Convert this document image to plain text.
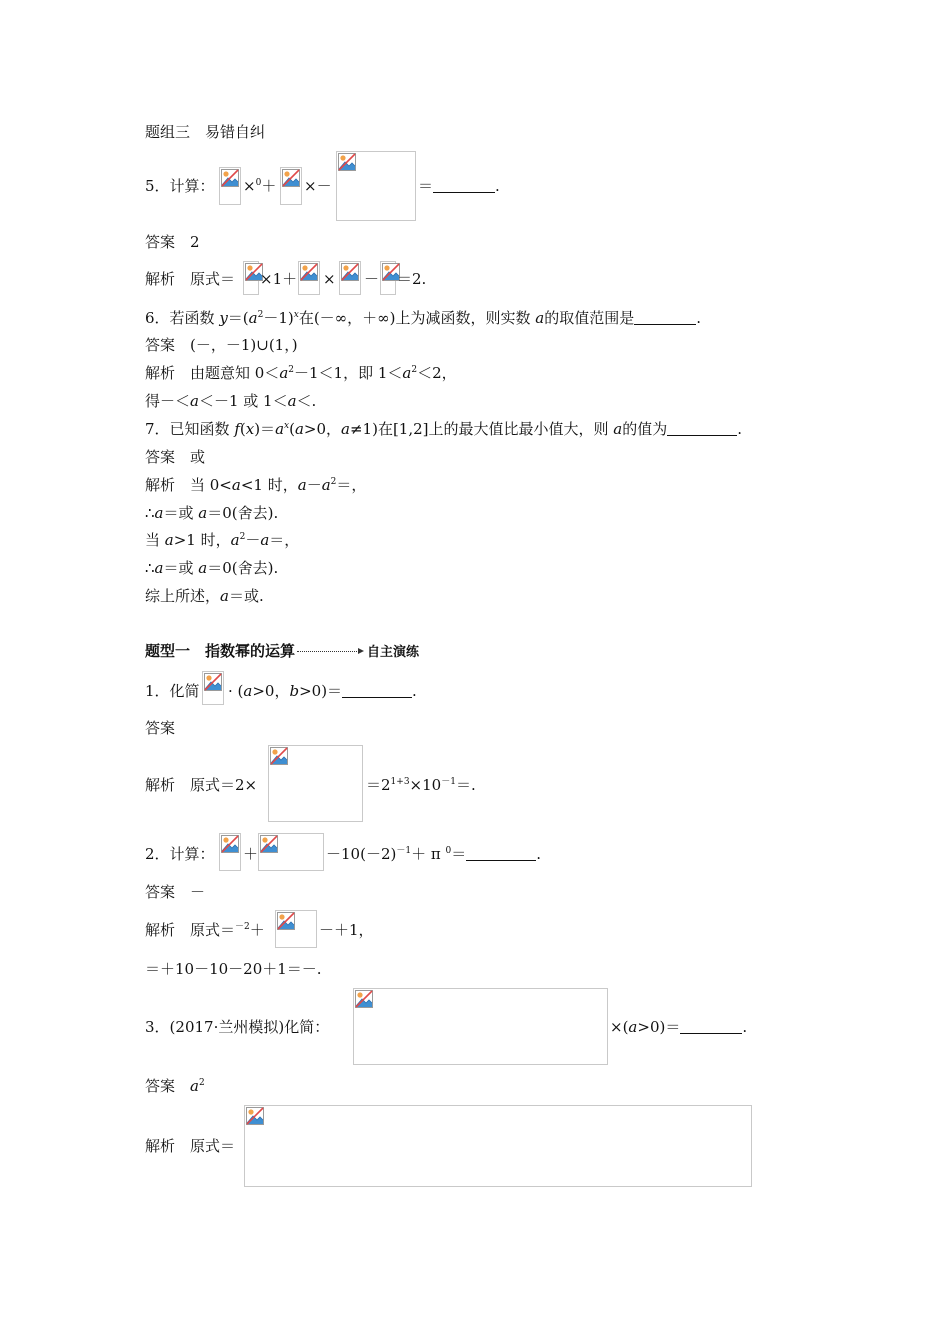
题组三　易错自纠
5．计算： ×$^0$＋ ×－	＝	.
答案　2
解析　原式＝ ×1＋ × － ＝2.
6．若函数 $y=(a^2-1)^x$在(－∞，＋∞)上为减函数，则实数 a的取值范围是	.
答案　(－，－1)∪(1，)
解析　由题意知 $0<a^2-1<1$，即 $1<a^2<2$，
得－＜a＜－1 或 1＜a＜.
7．已知函数 $f(x)=a^x(a>0$，a≠1)在[1,2]上的最大值比最小值大，则 a的值为	.
答案　或
解析　当 0<a<1 时，$a-a^2=$，
∴a＝或 a＝0(舍去).
当 a>1 时，$a^2-a=$，
∴a＝或 a＝0(舍去).
综上所述，a＝或.
题型一　指数幂的运算	自主演练
1．化简 · (a>0，b>0)＝	.
答案
解析　原式＝2×	$=2^{1+3}\times 10^{-1}=$.
2．计算： ＋	$-10(-2)^{-1}+ \pi$ $^0$＝	.
答案　－
解析　原式＝$^{-2}$＋	－＋1，
＝＋10－10－20＋1＝－.
3．(2017·兰州模拟)化简：	×(a>0)＝	.
答案　$a^2$
解析　原式＝
